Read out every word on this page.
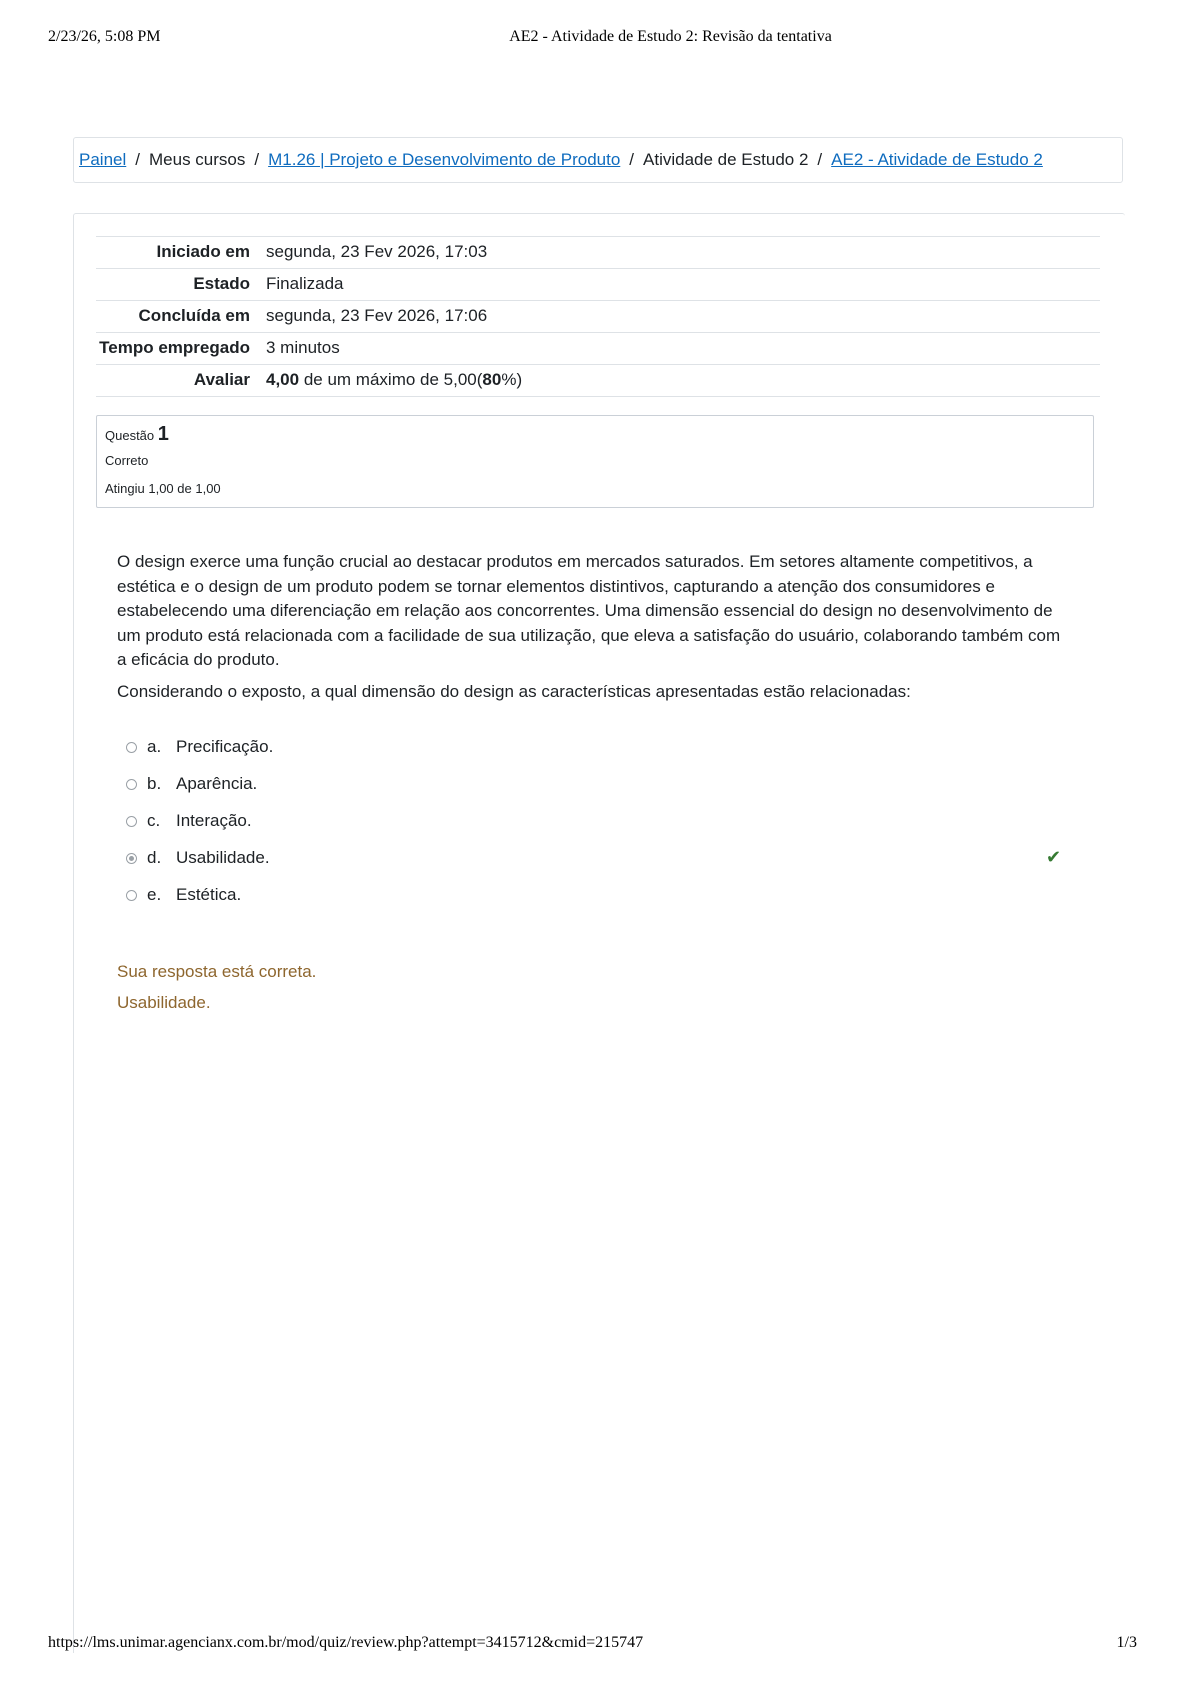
2/23/26, 5:08 PM	AE2 - Atividade de Estudo 2: Revisão da tentativa
Painel / Meus cursos / M1.26 | Projeto e Desenvolvimento de Produto / Atividade de Estudo 2 / AE2 - Atividade de Estudo 2
Iniciado em	segunda, 23 Fev 2026, 17:03
Estado	Finalizada
Concluída em	segunda, 23 Fev 2026, 17:06
Tempo empregado	3 minutos
Avaliar	4,00 de um máximo de 5,00(80%)
Questão 1
Correto
Atingiu 1,00 de 1,00

O design exerce uma função crucial ao destacar produtos em mercados saturados. Em setores altamente competitivos, a estética e o design de um produto podem se tornar elementos distintivos, capturando a atenção dos consumidores e estabelecendo uma diferenciação em relação aos concorrentes. Uma dimensão essencial do design no desenvolvimento de um produto está relacionada com a facilidade de sua utilização, que eleva a satisfação do usuário, colaborando também com a eficácia do produto.

Considerando o exposto, a qual dimensão do design as características apresentadas estão relacionadas:

a. Precificação.
b. Aparência.
c. Interação.
d. Usabilidade.	✔
e. Estética.
Sua resposta está correta.
Usabilidade.
https://lms.unimar.agencianx.com.br/mod/quiz/review.php?attempt=3415712&cmid=215747	1/3
